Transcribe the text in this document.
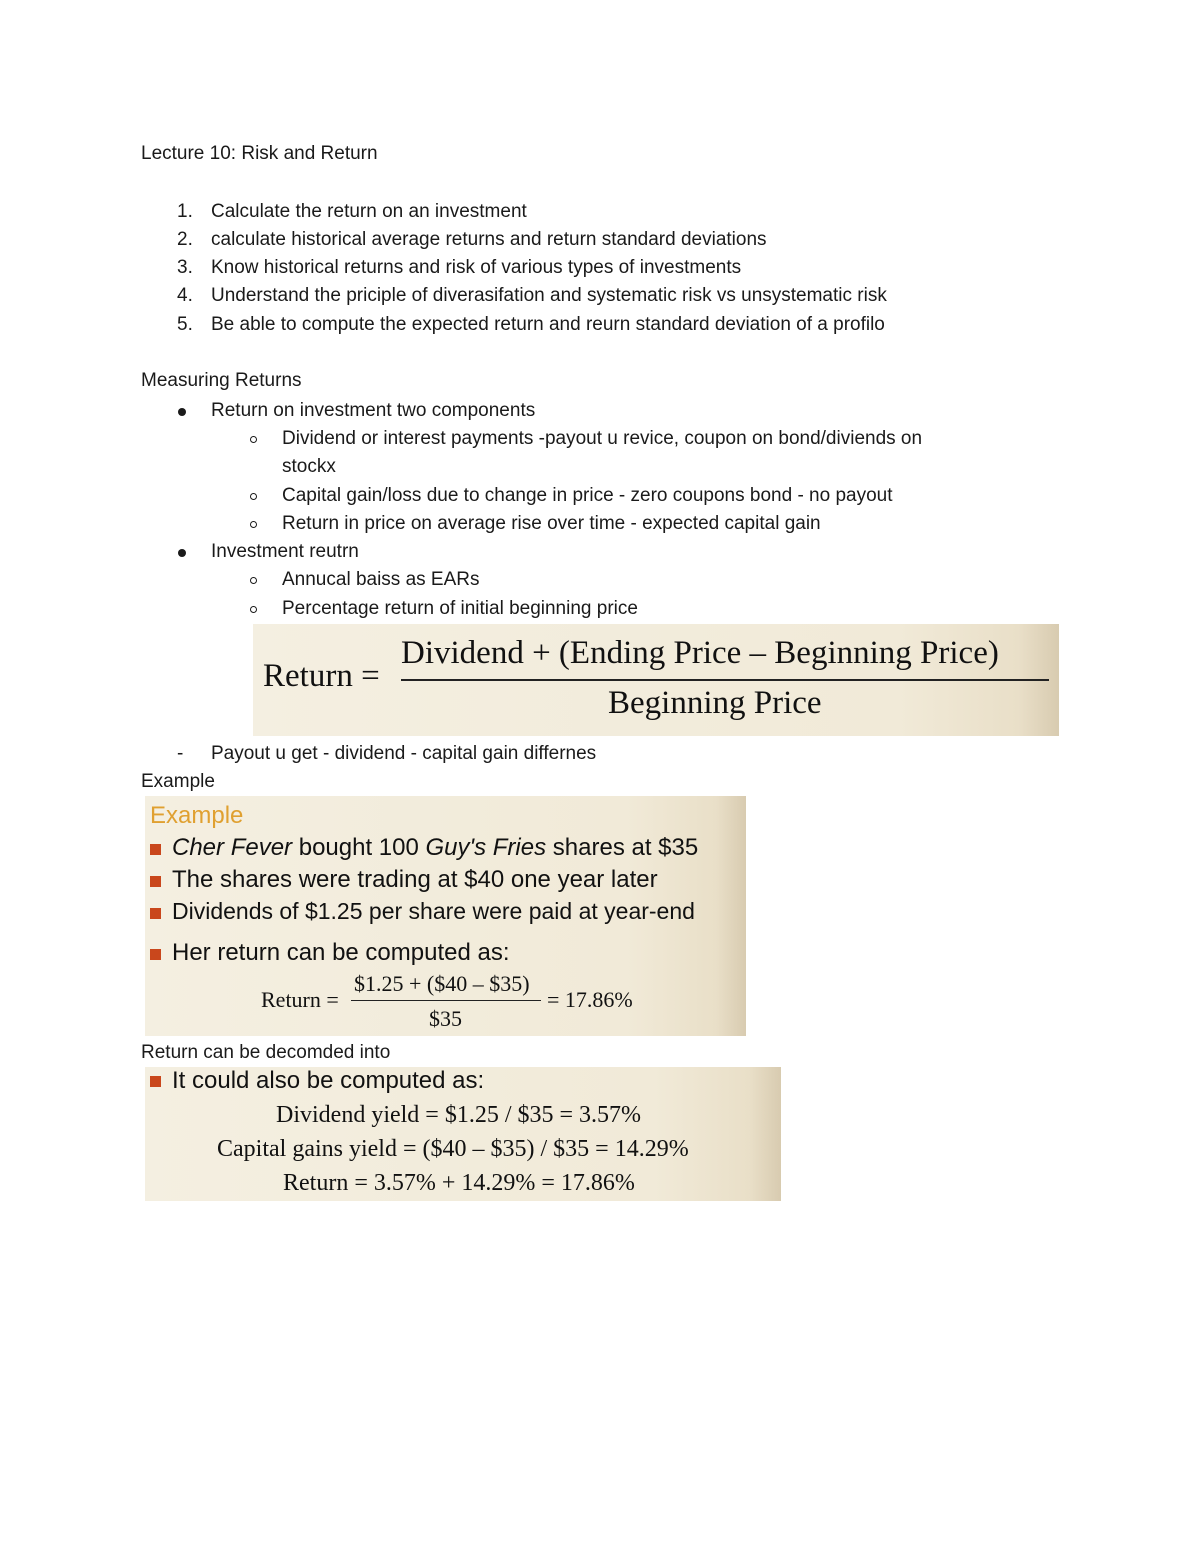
Lecture 10: Risk and Return
1. Calculate the return on an investment
2. calculate historical average returns and return standard deviations
3. Know historical returns and risk of various types of investments
4. Understand the priciple of diverasifation and systematic risk vs unsystematic risk
5. Be able to compute the expected return and reurn standard deviation of a profilo
Measuring Returns
Return on investment two components
Dividend or interest payments -payout u revice, coupon on bond/diviends on
stockx
Capital gain/loss due to change in price - zero coupons bond - no payout
Return in price on average rise over time - expected capital gain
Investment reutrn
Annucal baiss as EARs
Percentage return of initial beginning price
Return =
Dividend + (Ending Price – Beginning Price)
Beginning Price
- Payout u get - dividend - capital gain differnes
Example
Example
Cher Fever bought 100 Guy's Fries shares at $35
The shares were trading at $40 one year later
Dividends of $1.25 per share were paid at year-end
Her return can be computed as:
Return =
$1.25 + ($40 – $35)
$35
= 17.86%
Return can be decomded into
It could also be computed as:
Dividend yield = $1.25 / $35 = 3.57%
Capital gains yield = ($40 – $35) / $35 = 14.29%
Return = 3.57% + 14.29% = 17.86%
